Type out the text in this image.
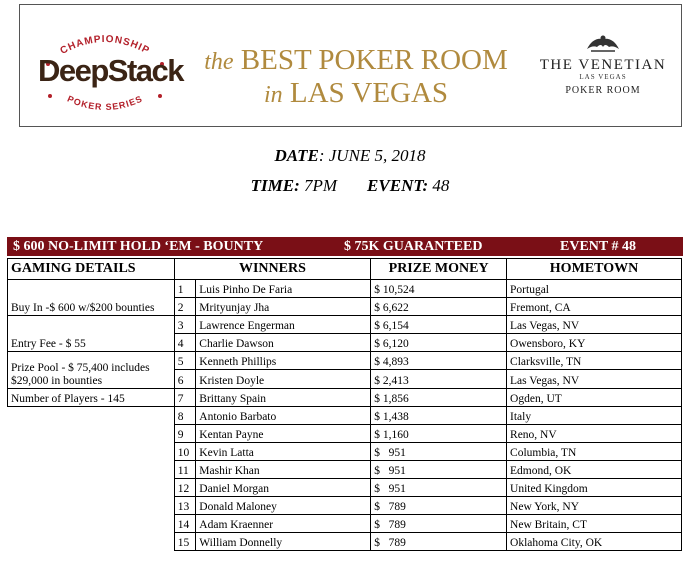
CHAMPIONSHIP
DeepStack
POKER SERIES
the BEST POKER ROOM
in LAS VEGAS
THE VENETIAN
LAS VEGAS
POKER ROOM
DATE: JUNE 5, 2018
TIME: 7PM EVENT: 48
$ 600 NO-LIMIT HOLD ‘EM - BOUNTY	$ 75K GUARANTEED	EVENT # 48
GAMING DETAILS	WINNERS		PRIZE MONEY	HOMETOWN
Buy In -$ 600 w/$200 bounties	1	Luis Pinho De Faria	$ 10,524	Portugal
	2	Mrityunjay Jha	$ 6,622	Fremont, CA
Entry Fee - $ 55	3	Lawrence Engerman	$ 6,154	Las Vegas, NV
	4	Charlie Dawson	$ 6,120	Owensboro, KY
Prize Pool - $ 75,400 includes $29,000 in bounties	5	Kenneth Phillips	$ 4,893	Clarksville, TN
	6	Kristen Doyle	$ 2,413	Las Vegas, NV
Number of Players - 145	7	Brittany Spain	$ 1,856	Ogden, UT
	8	Antonio Barbato	$ 1,438	Italy
	9	Kentan Payne	$ 1,160	Reno, NV
	10	Kevin Latta	$   951	Columbia, TN
	11	Mashir Khan	$   951	Edmond, OK
	12	Daniel Morgan	$   951	United Kingdom
	13	Donald Maloney	$   789	New York, NY
	14	Adam Kraenner	$   789	New Britain, CT
	15	William Donnelly	$   789	Oklahoma City, OK
